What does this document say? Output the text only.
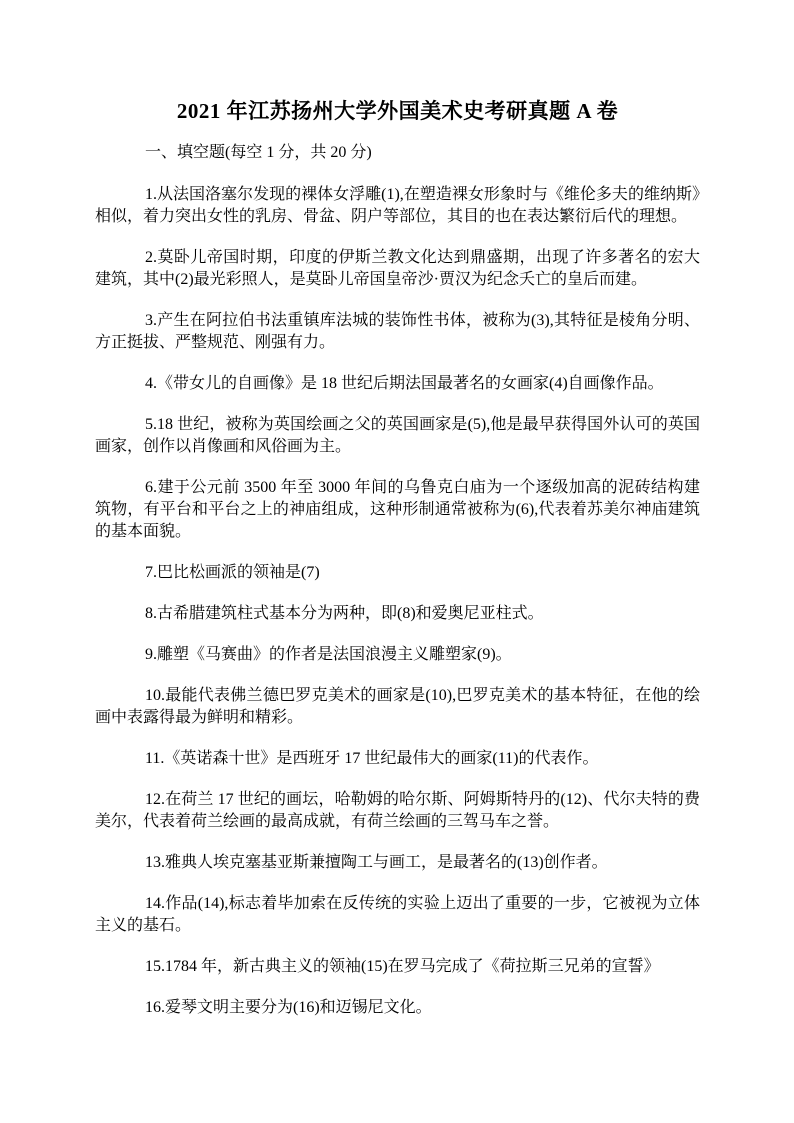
2021 年江苏扬州大学外国美术史考研真题 A 卷
一、填空题(每空 1 分，共 20 分)

1.从法国洛塞尔发现的裸体女浮雕(1),在塑造裸女形象时与《维伦多夫的维纳斯》相似，着力突出女性的乳房、骨盆、阴户等部位，其目的也在表达繁衍后代的理想。

2.莫卧儿帝国时期，印度的伊斯兰教文化达到鼎盛期，出现了许多著名的宏大建筑，其中(2)最光彩照人，是莫卧儿帝国皇帝沙·贾汉为纪念夭亡的皇后而建。

3.产生在阿拉伯书法重镇库法城的装饰性书体，被称为(3),其特征是棱角分明、方正挺拔、严整规范、刚强有力。

4.《带女儿的自画像》是 18 世纪后期法国最著名的女画家(4)自画像作品。

5.18 世纪，被称为英国绘画之父的英国画家是(5),他是最早获得国外认可的英国画家，创作以肖像画和风俗画为主。

6.建于公元前 3500 年至 3000 年间的乌鲁克白庙为一个逐级加高的泥砖结构建筑物，有平台和平台之上的神庙组成，这种形制通常被称为(6),代表着苏美尔神庙建筑的基本面貌。

7.巴比松画派的领袖是(7)

8.古希腊建筑柱式基本分为两种，即(8)和爱奥尼亚柱式。

9.雕塑《马赛曲》的作者是法国浪漫主义雕塑家(9)。

10.最能代表佛兰德巴罗克美术的画家是(10),巴罗克美术的基本特征，在他的绘画中表露得最为鲜明和精彩。

11.《英诺森十世》是西班牙 17 世纪最伟大的画家(11)的代表作。

12.在荷兰 17 世纪的画坛，哈勒姆的哈尔斯、阿姆斯特丹的(12)、代尔夫特的费美尔，代表着荷兰绘画的最高成就，有荷兰绘画的三驾马车之誉。

13.雅典人埃克塞基亚斯兼擅陶工与画工，是最著名的(13)创作者。

14.作品(14),标志着毕加索在反传统的实验上迈出了重要的一步，它被视为立体主义的基石。

15.1784 年，新古典主义的领袖(15)在罗马完成了《荷拉斯三兄弟的宣誓》

16.爱琴文明主要分为(16)和迈锡尼文化。
